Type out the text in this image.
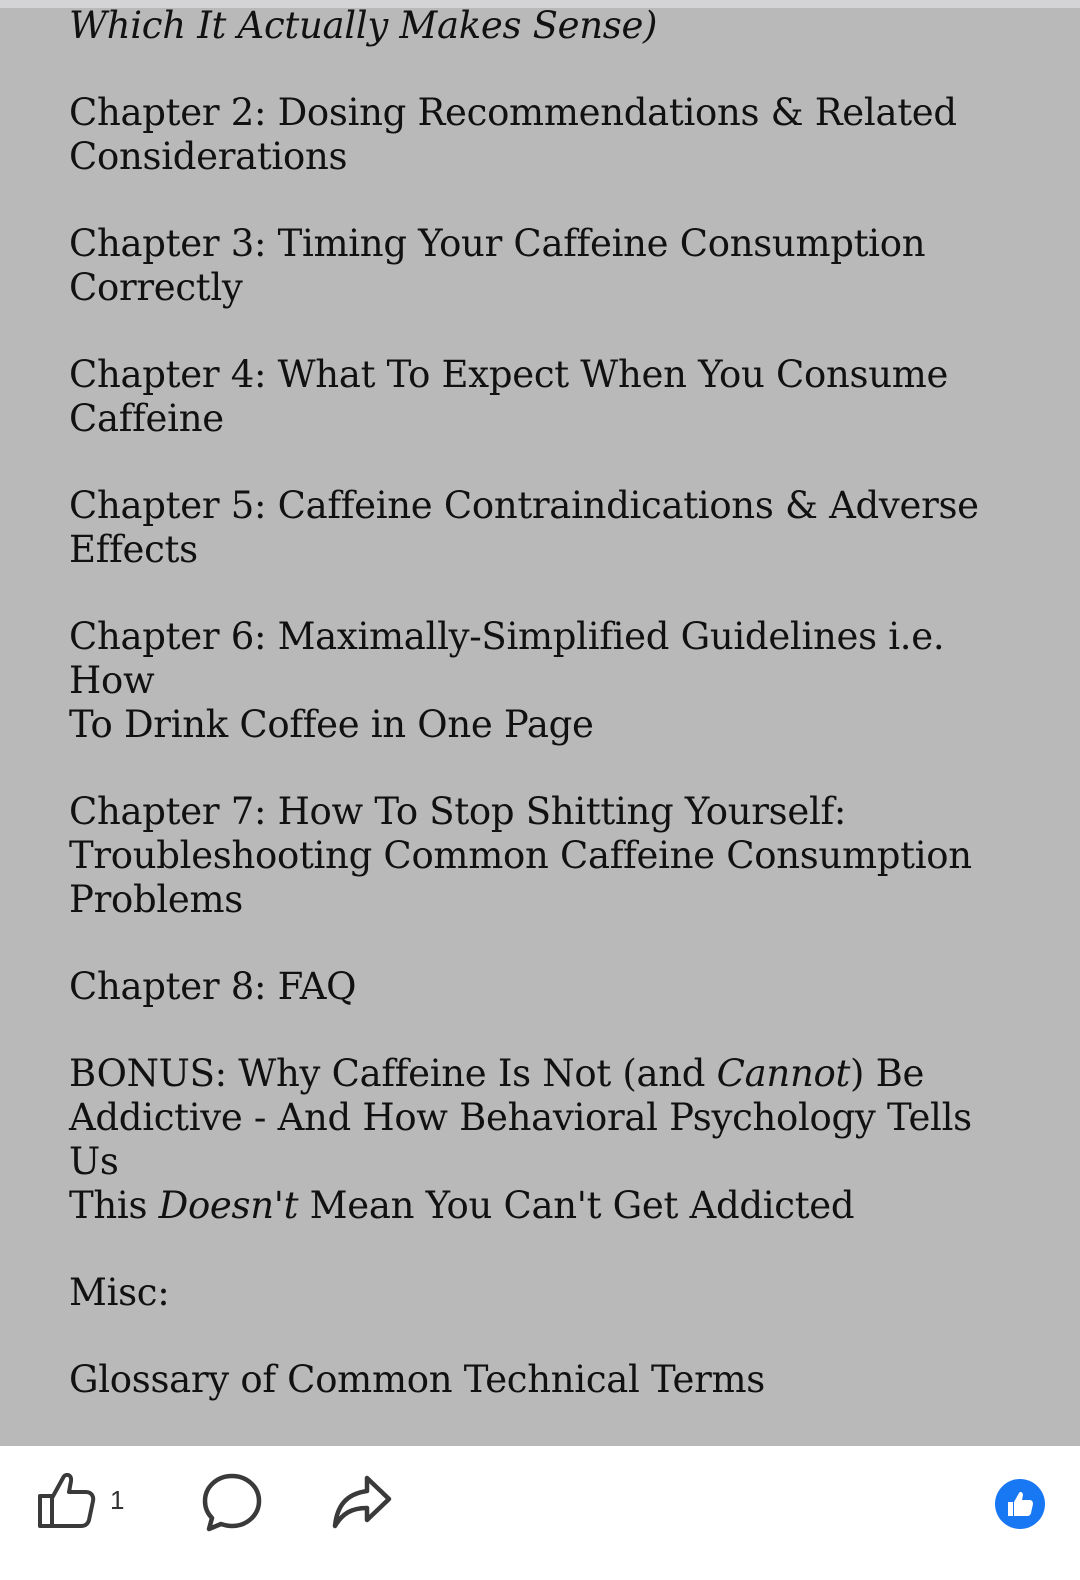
Which It Actually Makes Sense)

Chapter 2: Dosing Recommendations & Related
Considerations

Chapter 3: Timing Your Caffeine Consumption
Correctly

Chapter 4: What To Expect When You Consume
Caffeine

Chapter 5: Caffeine Contraindications & Adverse
Effects

Chapter 6: Maximally-Simplified Guidelines i.e. How
To Drink Coffee in One Page

Chapter 7: How To Stop Shitting Yourself:
Troubleshooting Common Caffeine Consumption
Problems

Chapter 8: FAQ

BONUS: Why Caffeine Is Not (and Cannot) Be
Addictive - And How Behavioral Psychology Tells Us
This Doesn't Mean You Can't Get Addicted

Misc:

Glossary of Common Technical Terms

1
